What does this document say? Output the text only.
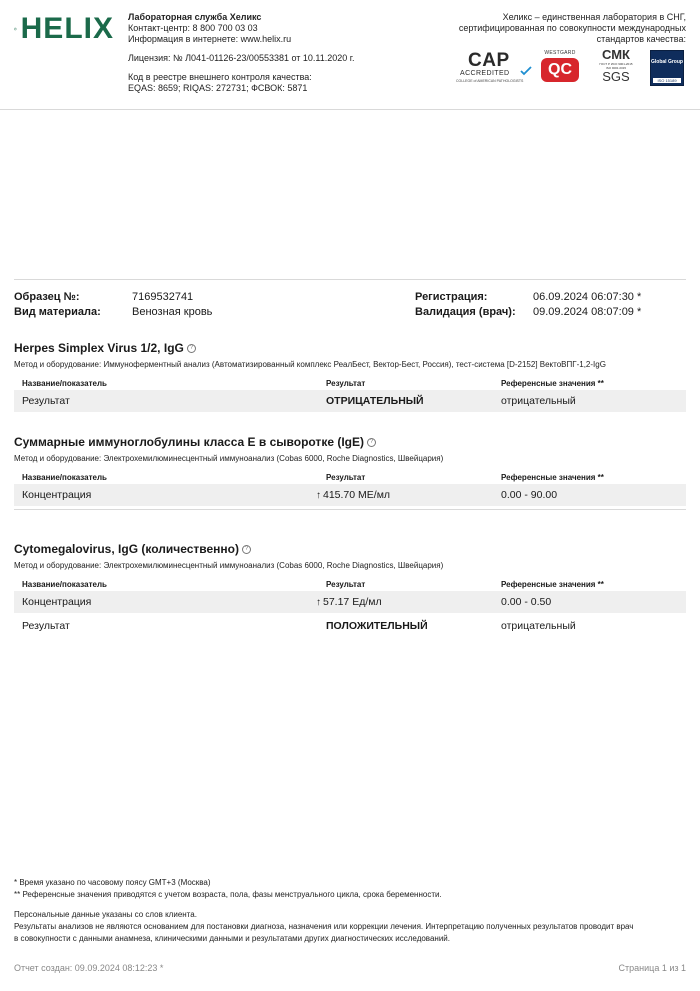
HELIX Лабораторная служба Хеликс
Контакт-центр: 8 800 700 03 03
Информация в интернете: www.helix.ru
Лицензия: № Л041-01126-23/00553381 от 10.11.2020 г.
Код в реестре внешнего контроля качества:
EQAS: 8659; RIQAS: 272731; ФСВОК: 5871
Хеликс – единственная лаборатория в СНГ,
сертифицированная по совокупности международных
стандартов качества:
CAP
ACCREDITED
COLLEGE of AMERICAN PATHOLOGISTS
WESTGARD
QC
СМК
ГОСТ Р ИСО 9001-2015 ISO 9001:2015
SGS
Global Group
ISO 15189
Образец №:	7169532741
Вид материала:	Венозная кровь
Регистрация:	06.09.2024 06:07:30 *
Валидация (врач): 09.09.2024 08:07:09 *
Herpes Simplex Virus 1/2, IgG ?
Метод и оборудование: Иммуноферментный анализ (Автоматизированный комплекс РеалБест, Вектор-Бест, Россия), тест-система [D-2152] ВектоВПГ-1,2-IgG
Название/показатель	Результат	Референсные значения **
Результат	ОТРИЦАТЕЛЬНЫЙ	отрицательный
Суммарные иммуноглобулины класса E в сыворотке (IgE) ?
Метод и оборудование: Электрохемилюминесцентный иммуноанализ (Cobas 6000, Roche Diagnostics, Швейцария)
Название/показатель	Результат	Референсные значения **
Концентрация	↑ 415.70 МЕ/мл	0.00 - 90.00
Cytomegalovirus, IgG (количественно) ?
Метод и оборудование: Электрохемилюминесцентный иммуноанализ (Cobas 6000, Roche Diagnostics, Швейцария)
Название/показатель	Результат	Референсные значения **
Концентрация	↑ 57.17 Ед/мл	0.00 - 0.50
Результат	ПОЛОЖИТЕЛЬНЫЙ	отрицательный
* Время указано по часовому поясу GMT+3 (Москва)
** Референсные значения приводятся с учетом возраста, пола, фазы менструального цикла, срока беременности.
Персональные данные указаны со слов клиента.
Результаты анализов не являются основанием для постановки диагноза, назначения или коррекции лечения. Интерпретацию полученных результатов проводит врач
в совокупности с данными анамнеза, клиническими данными и результатами других диагностических исследований.
Отчет создан: 09.09.2024 08:12:23 *	Страница 1 из 1
